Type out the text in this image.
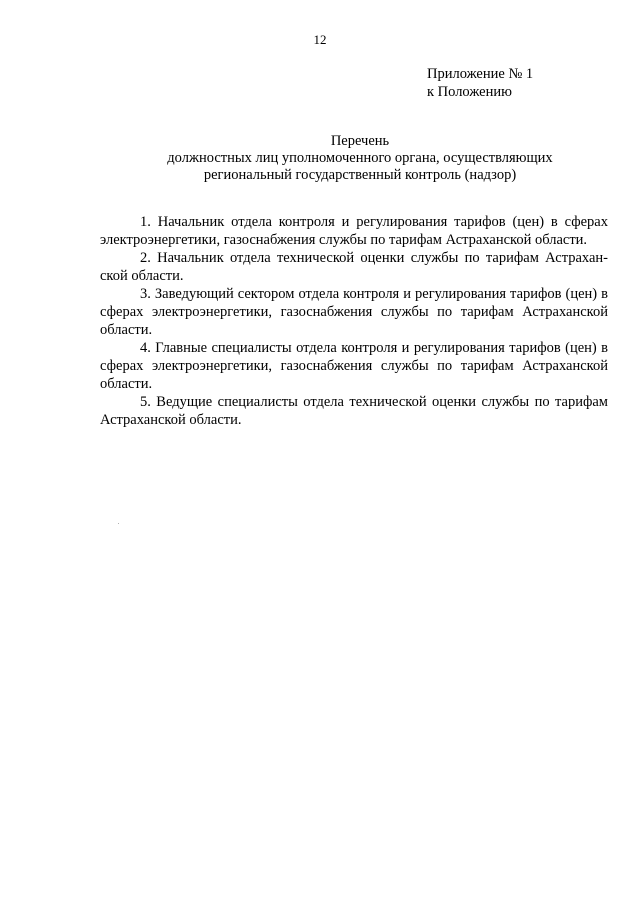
12
Приложение № 1
к Положению
Перечень
должностных лиц уполномоченного органа, осуществляющих
региональный государственный контроль (надзор)

1. Начальник отдела контроля и регулирования тарифов (цен) в сферах электроэнергетики, газоснабжения службы по тарифам Астраханской области.

2. Начальник отдела технической оценки службы по тарифам Астраханской области.

3. Заведующий сектором отдела контроля и регулирования тарифов (цен) в сферах электроэнергетики, газоснабжения службы по тарифам Астраханской области.

4. Главные специалисты отдела контроля и регулирования тарифов (цен) в сферах электроэнергетики, газоснабжения службы по тарифам Астраханской области.

5. Ведущие специалисты отдела технической оценки службы по тарифам Астраханской области.
